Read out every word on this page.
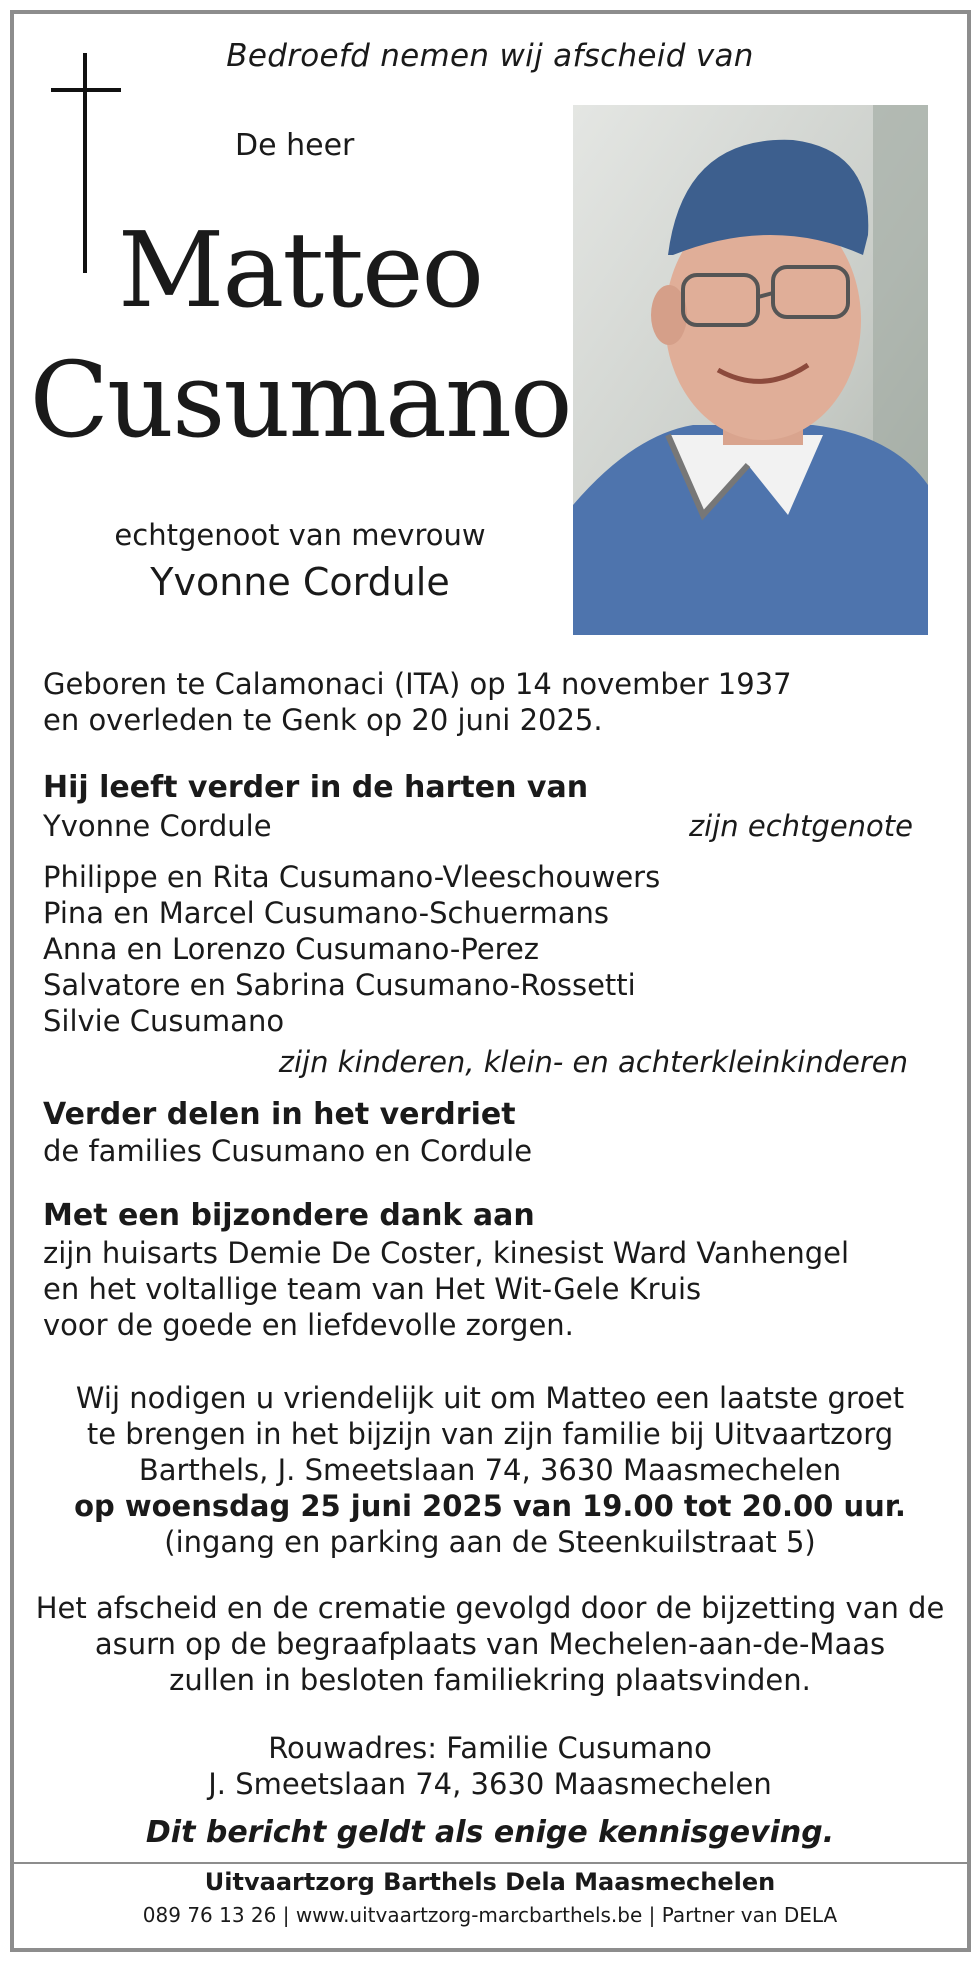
Bedroefd nemen wij afscheid van
De heer
Matteo
Cusumano
echtgenoot van mevrouw
Yvonne Cordule
Geboren te Calamonaci (ITA) op 14 november 1937
en overleden te Genk op 20 juni 2025.
Hij leeft verder in de harten van
Yvonne Cordule	zijn echtgenote
Philippe en Rita Cusumano-Vleeschouwers
Pina en Marcel Cusumano-Schuermans
Anna en Lorenzo Cusumano-Perez
Salvatore en Sabrina Cusumano-Rossetti
Silvie Cusumano
zijn kinderen, klein- en achterkleinkinderen
Verder delen in het verdriet
de families Cusumano en Cordule
Met een bijzondere dank aan
zijn huisarts Demie De Coster, kinesist Ward Vanhengel
en het voltallige team van Het Wit-Gele Kruis
voor de goede en liefdevolle zorgen.
Wij nodigen u vriendelijk uit om Matteo een laatste groet
te brengen in het bijzijn van zijn familie bij Uitvaartzorg
Barthels, J. Smeetslaan 74, 3630 Maasmechelen
op woensdag 25 juni 2025 van 19.00 tot 20.00 uur.
(ingang en parking aan de Steenkuilstraat 5)
Het afscheid en de crematie gevolgd door de bijzetting van de
asurn op de begraafplaats van Mechelen-aan-de-Maas
zullen in besloten familiekring plaatsvinden.
Rouwadres: Familie Cusumano
J. Smeetslaan 74, 3630 Maasmechelen
Dit bericht geldt als enige kennisgeving.
Uitvaartzorg Barthels Dela Maasmechelen
089 76 13 26 | www.uitvaartzorg-marcbarthels.be | Partner van DELA
